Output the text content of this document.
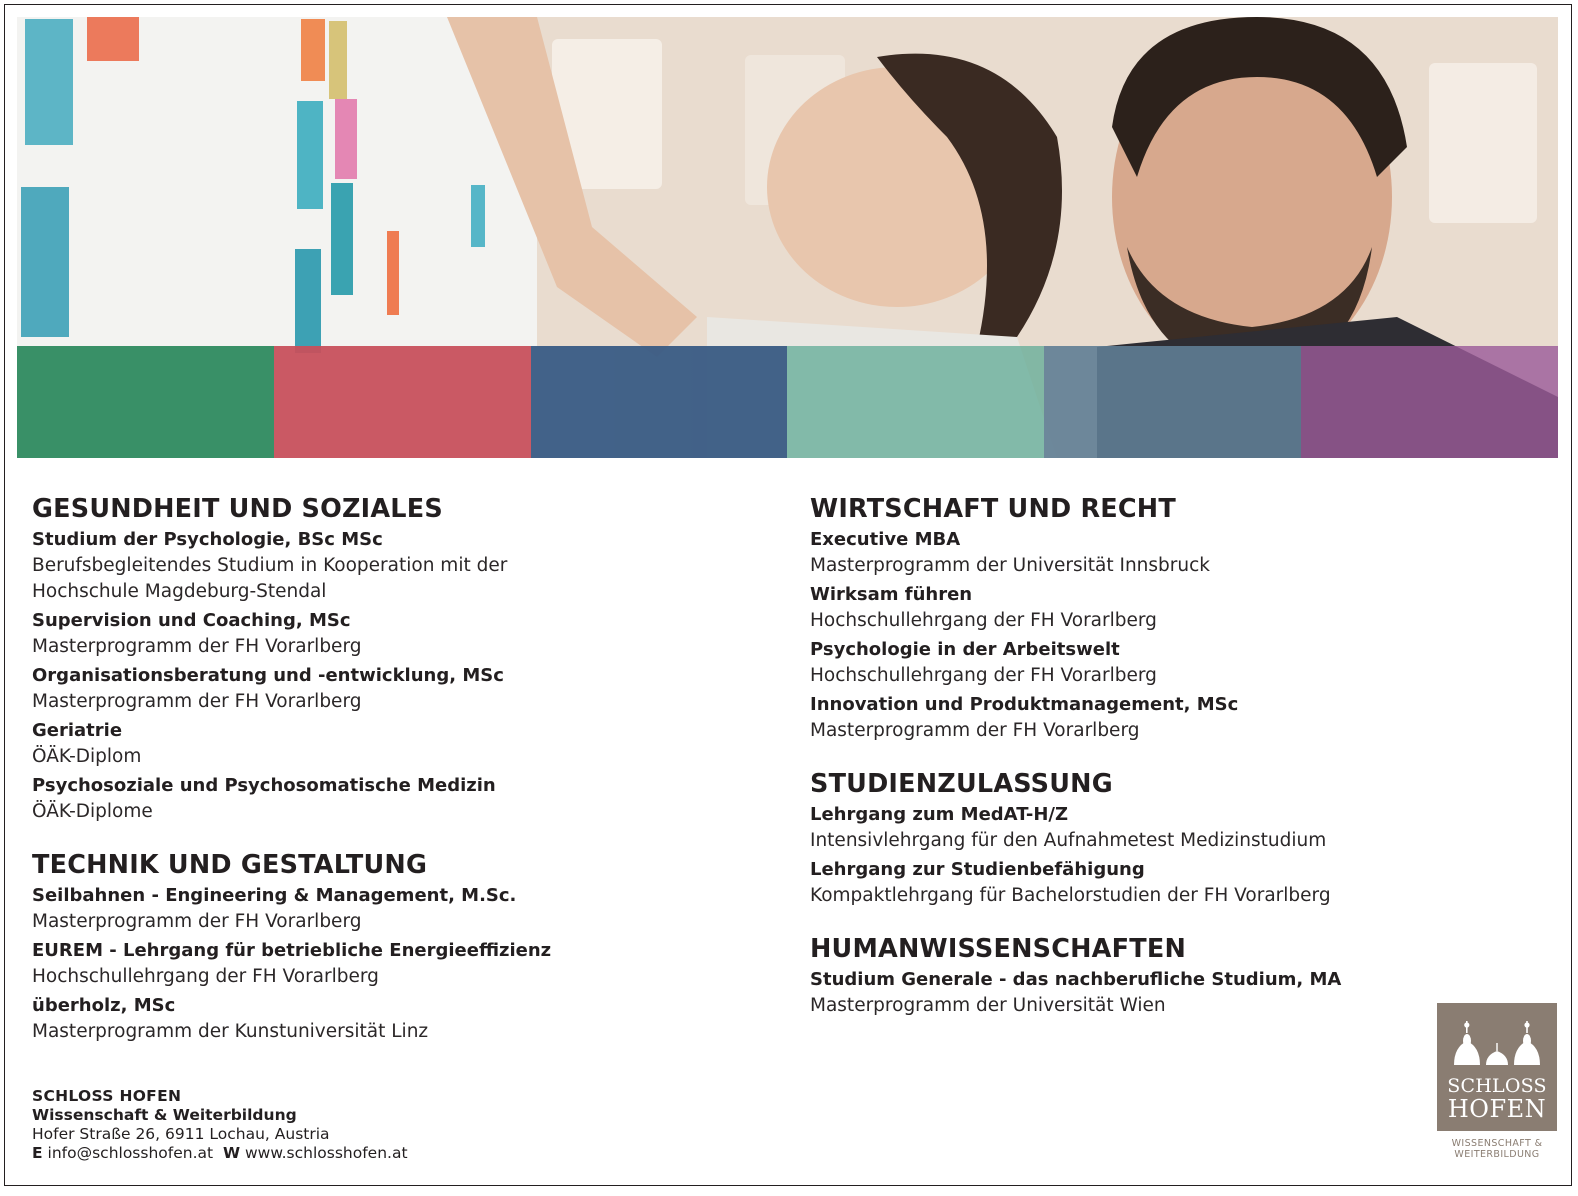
GESUNDHEIT UND SOZIALES
Studium der Psychologie, BSc MSc
Berufsbegleitendes Studium in Kooperation mit der
Hochschule Magdeburg-Stendal
Supervision und Coaching, MSc
Masterprogramm der FH Vorarlberg
Organisationsberatung und -entwicklung, MSc
Masterprogramm der FH Vorarlberg
Geriatrie
ÖÄK-Diplom
Psychosoziale und Psychosomatische Medizin
ÖÄK-Diplome
TECHNIK UND GESTALTUNG
Seilbahnen - Engineering & Management, M.Sc.
Masterprogramm der FH Vorarlberg
EUREM - Lehrgang für betriebliche Energieeffizienz
Hochschullehrgang der FH Vorarlberg
überholz, MSc
Masterprogramm der Kunstuniversität Linz
WIRTSCHAFT UND RECHT
Executive MBA
Masterprogramm der Universität Innsbruck
Wirksam führen
Hochschullehrgang der FH Vorarlberg
Psychologie in der Arbeitswelt
Hochschullehrgang der FH Vorarlberg
Innovation und Produktmanagement, MSc
Masterprogramm der FH Vorarlberg
STUDIENZULASSUNG
Lehrgang zum MedAT-H/Z
Intensivlehrgang für den Aufnahmetest Medizinstudium
Lehrgang zur Studienbefähigung
Kompaktlehrgang für Bachelorstudien der FH Vorarlberg
HUMANWISSENSCHAFTEN
Studium Generale - das nachberufliche Studium, MA
Masterprogramm der Universität Wien
SCHLOSS HOFEN
Wissenschaft & Weiterbildung
Hofer Straße 26, 6911 Lochau, Austria
E info@schlosshofen.at W www.schlosshofen.at
SCHLOSS
HOFEN
WISSENSCHAFT &
WEITERBILDUNG
